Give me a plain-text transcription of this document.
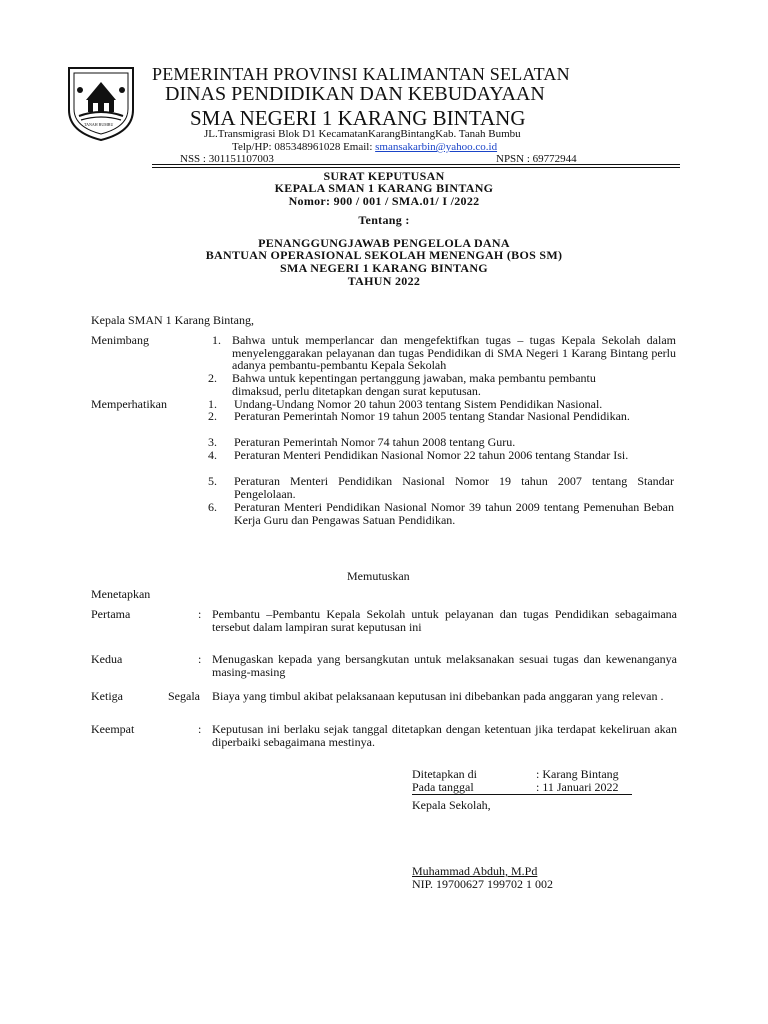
TANAH BUMBU
PEMERINTAH PROVINSI KALIMANTAN SELATAN
DINAS PENDIDIKAN DAN KEBUDAYAAN
SMA NEGERI 1 KARANG BINTANG
JL.Transmigrasi Blok D1 KecamatanKarangBintangKab. Tanah Bumbu
Telp/HP: 085348961028 Email: smansakarbin@yahoo.co.id
NSS : 301151107003	NPSN : 69772944
SURAT KEPUTUSAN
KEPALA SMAN 1 KARANG BINTANG
Nomor: 900 / 001 / SMA.01/ I /2022
Tentang :
PENANGGUNGJAWAB PENGELOLA DANA
BANTUAN OPERASIONAL SEKOLAH MENENGAH (BOS SM)
SMA NEGERI 1 KARANG BINTANG
TAHUN 2022
Kepala SMAN 1 Karang Bintang,
Menimbang	1. Bahwa untuk memperlancar dan mengefektifkan tugas – tugas Kepala Sekolah dalam menyelenggarakan pelayanan dan tugas Pendidikan di SMA Negeri 1 Karang Bintang perlu adanya pembantu-pembantu Kepala Sekolah
2. Bahwa untuk kepentingan pertanggung jawaban, maka pembantu pembantu dimaksud, perlu ditetapkan dengan surat keputusan.
Memperhatikan	1. Undang-Undang Nomor 20 tahun 2003 tentang Sistem Pendidikan Nasional.
2. Peraturan Pemerintah Nomor 19 tahun 2005 tentang Standar Nasional Pendidikan.
3. Peraturan Pemerintah Nomor 74 tahun 2008 tentang Guru.
4. Peraturan Menteri Pendidikan Nasional Nomor 22 tahun 2006 tentang Standar Isi.
5. Peraturan Menteri Pendidikan Nasional Nomor 19 tahun 2007 tentang Standar Pengelolaan.
6. Peraturan Menteri Pendidikan Nasional Nomor 39 tahun 2009 tentang Pemenuhan Beban Kerja Guru dan Pengawas Satuan Pendidikan.
Memutuskan
Menetapkan
Pertama	: Pembantu –Pembantu Kepala Sekolah untuk pelayanan dan tugas Pendidikan sebagaimana tersebut dalam lampiran surat keputusan ini
Kedua	: Menugaskan kepada yang bersangkutan untuk melaksanakan sesuai tugas dan kewenanganya masing-masing
Ketiga	Segala Biaya yang timbul akibat pelaksanaan keputusan ini dibebankan pada anggaran yang relevan .
Keempat	: Keputusan ini berlaku sejak tanggal ditetapkan dengan ketentuan jika terdapat kekeliruan akan diperbaiki sebagaimana mestinya.
Ditetapkan di	: Karang Bintang
Pada tanggal	: 11 Januari 2022
Kepala Sekolah,
Muhammad Abduh, M.Pd
NIP. 19700627 199702 1 002
